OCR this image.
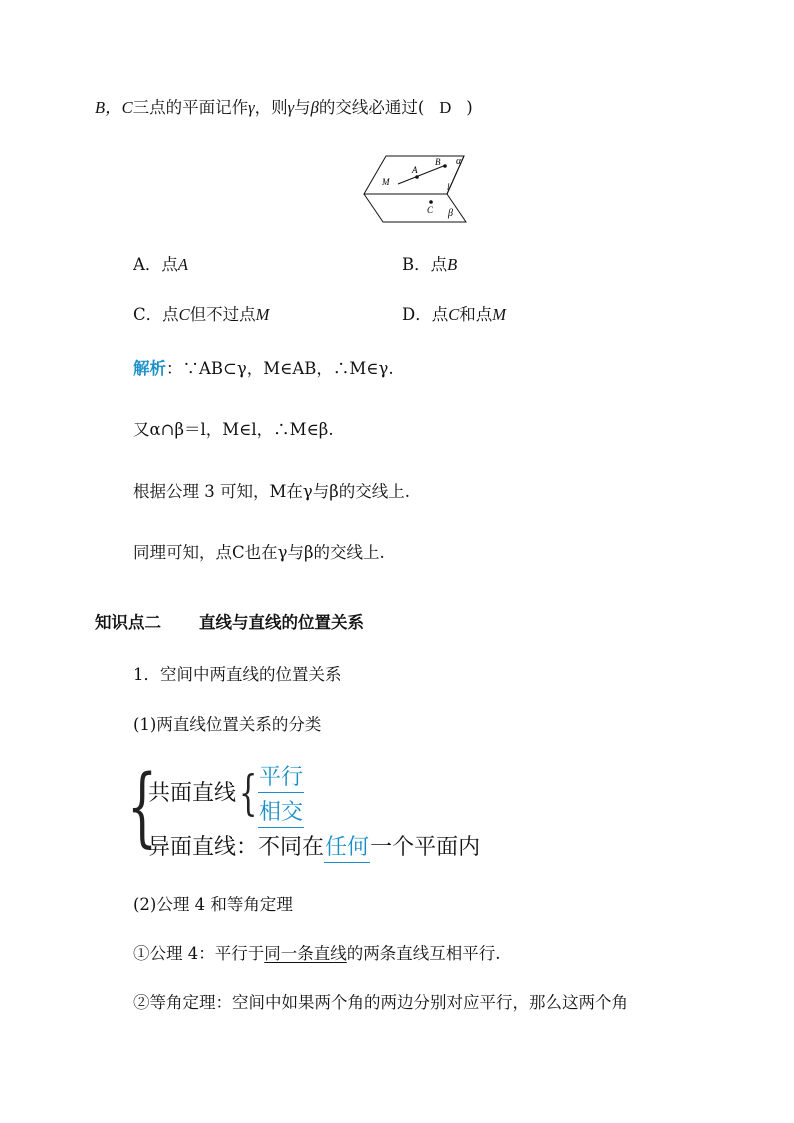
B，C三点的平面记作γ，则γ与β的交线必通过( D )
α
l
M
A
B
C β
A．点A	B．点B
C．点C但不过点M	D．点C和点M
解析：∵AB⊂γ，M∈AB，∴M∈γ.
又α∩β＝l，M∈l，∴M∈β.
根据公理 3 可知，M在γ与β的交线上.
同理可知，点C也在γ与β的交线上.
知识点二 直线与直线的位置关系
1．空间中两直线的位置关系
(1)两直线位置关系的分类
{
共面直线 { 平行
相交
异面直线：不同在任何一个平面内
(2)公理 4 和等角定理
①公理 4：平行于同一条直线的两条直线互相平行.
②等角定理：空间中如果两个角的两边分别对应平行，那么这两个角
